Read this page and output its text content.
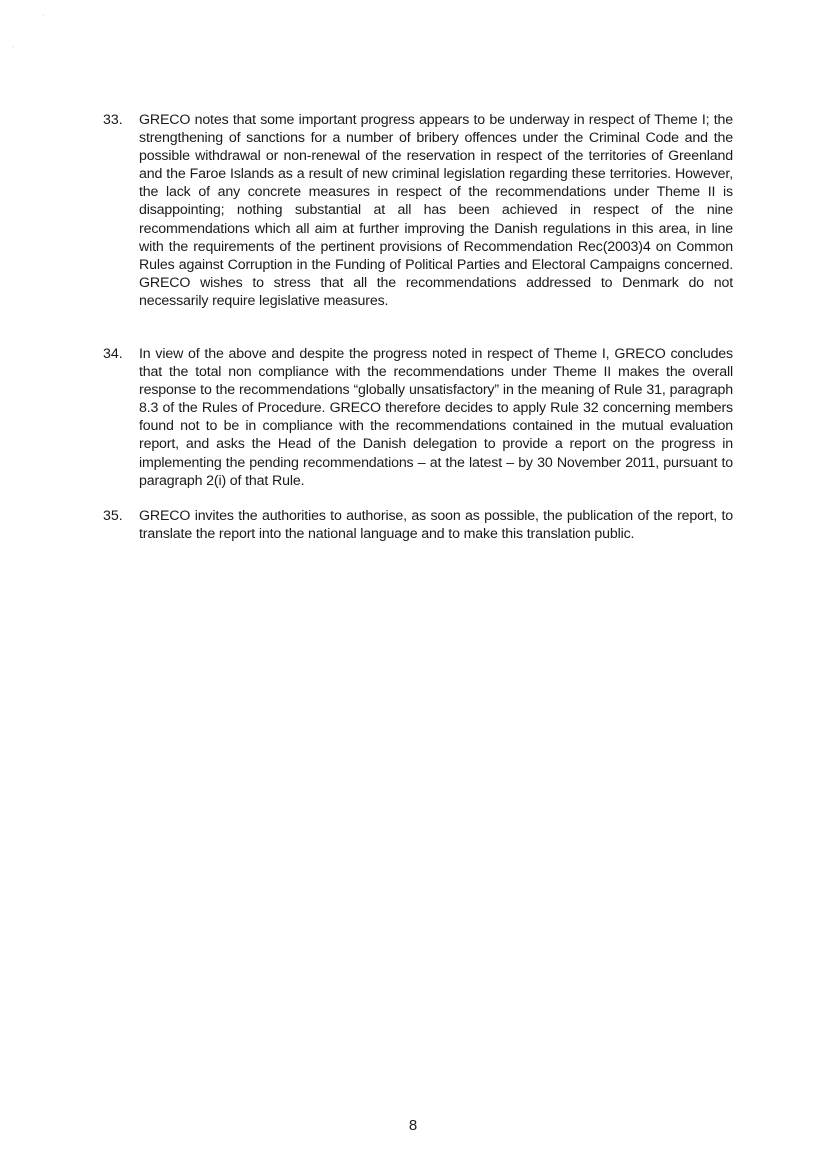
·
·
33.	GRECO notes that some important progress appears to be underway in respect of Theme I; the strengthening of sanctions for a number of bribery offences under the Criminal Code and the possible withdrawal or non-renewal of the reservation in respect of the territories of Greenland and the Faroe Islands as a result of new criminal legislation regarding these territories. However, the lack of any concrete measures in respect of the recommendations under Theme II is disappointing; nothing substantial at all has been achieved in respect of the nine recommendations which all aim at further improving the Danish regulations in this area, in line with the requirements of the pertinent provisions of Recommendation Rec(2003)4 on Common Rules against Corruption in the Funding of Political Parties and Electoral Campaigns concerned. GRECO wishes to stress that all the recommendations addressed to Denmark do not necessarily require legislative measures.
34.	In view of the above and despite the progress noted in respect of Theme I, GRECO concludes that the total non compliance with the recommendations under Theme II makes the overall response to the recommendations “globally unsatisfactory” in the meaning of Rule 31, paragraph 8.3 of the Rules of Procedure. GRECO therefore decides to apply Rule 32 concerning members found not to be in compliance with the recommendations contained in the mutual evaluation report, and asks the Head of the Danish delegation to provide a report on the progress in implementing the pending recommendations – at the latest – by 30 November 2011, pursuant to paragraph 2(i) of that Rule.
35.	GRECO invites the authorities to authorise, as soon as possible, the publication of the report, to translate the report into the national language and to make this translation public.
8
